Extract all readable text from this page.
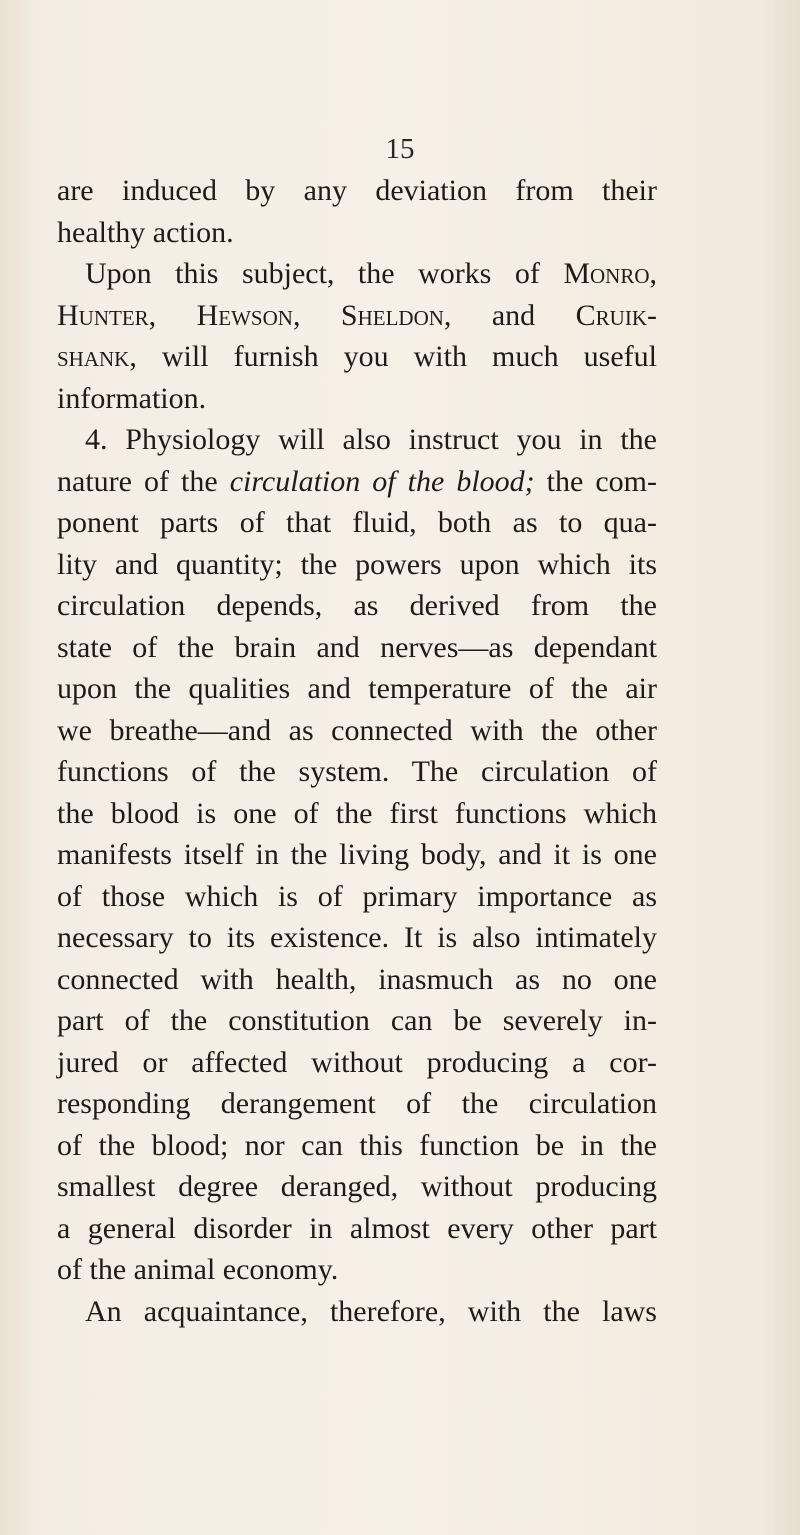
15
are induced by any deviation from their
healthy action.
Upon this subject, the works of Monro,
Hunter, Hewson, Sheldon, and Cruik-
shank, will furnish you with much useful
information.
4. Physiology will also instruct you in the
nature of the circulation of the blood; the com-
ponent parts of that fluid, both as to qua-
lity and quantity; the powers upon which its
circulation depends, as derived from the
state of the brain and nerves—as dependant
upon the qualities and temperature of the air
we breathe—and as connected with the other
functions of the system. The circulation of
the blood is one of the first functions which
manifests itself in the living body, and it is one
of those which is of primary importance as
necessary to its existence. It is also intimately
connected with health, inasmuch as no one
part of the constitution can be severely in-
jured or affected without producing a cor-
responding derangement of the circulation
of the blood; nor can this function be in the
smallest degree deranged, without producing
a general disorder in almost every other part
of the animal economy.
An acquaintance, therefore, with the laws
